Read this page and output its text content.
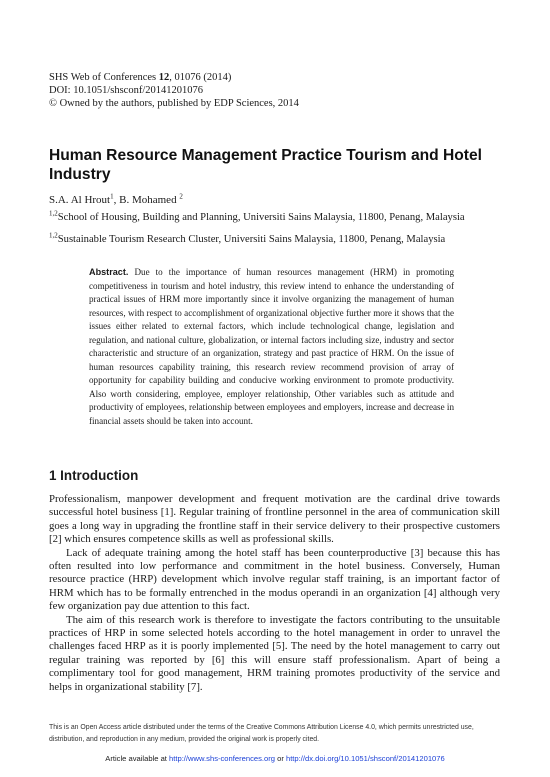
SHS Web of Conferences 12, 01076 (2014)
DOI: 10.1051/shsconf/20141201076
© Owned by the authors, published by EDP Sciences, 2014
Human Resource Management Practice Tourism and Hotel Industry
S.A. Al Hrout$^1$, B. Mohamed $^2$
$^{1,2}$School of Housing, Building and Planning, Universiti Sains Malaysia, 11800, Penang, Malaysia
$^{1,2}$Sustainable Tourism Research Cluster, Universiti Sains Malaysia, 11800, Penang, Malaysia
Abstract. Due to the importance of human resources management (HRM) in promoting competitiveness in tourism and hotel industry, this review intend to enhance the understanding of practical issues of HRM more importantly since it involve organizing the management of human resources, with respect to accomplishment of organizational objective further more it shows that the issues either related to external factors, which include technological change, legislation and regulation, and national culture, globalization, or internal factors including size, industry and sector characteristic and structure of an organization, strategy and past practice of HRM. On the issue of human resources capability training, this research review recommend provision of array of opportunity for capability building and conducive working environment to promote productivity. Also worth considering, employee, employer relationship, Other variables such as attitude and productivity of employees, relationship between employees and employers, increase and decrease in financial assets should be taken into account.
1 Introduction

Professionalism, manpower development and frequent motivation are the cardinal drive towards successful hotel business [1]. Regular training of frontline personnel in the area of communication skill goes a long way in upgrading the frontline staff in their service delivery to their prospective customers [2] which ensures competence skills as well as professional skills.

Lack of adequate training among the hotel staff has been counterproductive [3] because this has often resulted into low performance and commitment in the hotel business. Conversely, Human resource practice (HRP) development which involve regular staff training, is an important factor of HRM which has to be formally entrenched in the modus operandi in an organization [4] although very few organization pay due attention to this fact.

The aim of this research work is therefore to investigate the factors contributing to the unsuitable practices of HRP in some selected hotels according to the hotel management in order to unravel the challenges faced HRP as it is poorly implemented [5]. The need by the hotel management to carry out regular training was reported by [6] this will ensure staff professionalism. Apart of being a complimentary tool for good management, HRM training promotes productivity of the service and helps in organizational stability [7].

This is an Open Access article distributed under the terms of the Creative Commons Attribution License 4.0, which permits unrestricted use, distribution, and reproduction in any medium, provided the original work is properly cited.
Article available at http://www.shs-conferences.org or http://dx.doi.org/10.1051/shsconf/20141201076
